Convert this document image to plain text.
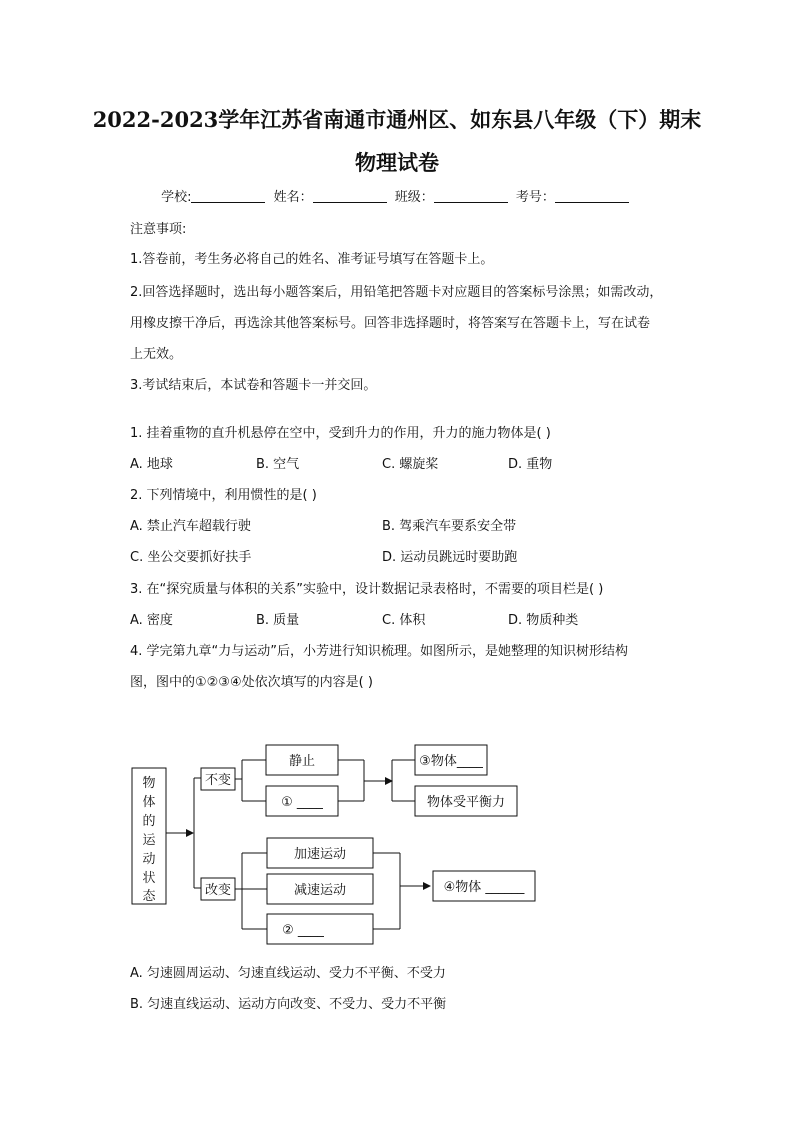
2022-2023学年江苏省南通市通州区、如东县八年级（下）期末
物理试卷
学校:	姓名：	班级：	考号：
注意事项:
1.答卷前，考生务必将自己的姓名、准考证号填写在答题卡上。
2.回答选择题时，选出每小题答案后，用铅笔把答题卡对应题目的答案标号涂黑；如需改动，
用橡皮擦干净后，再选涂其他答案标号。回答非选择题时，将答案写在答题卡上，写在试卷
上无效。
3.考试结束后，本试卷和答题卡一并交回。
1. 挂着重物的直升机悬停在空中，受到升力的作用，升力的施力物体是( )
A. 地球	B. 空气	C. 螺旋桨	D. 重物
2. 下列情境中，利用惯性的是( )
A. 禁止汽车超载行驶	B. 驾乘汽车要系安全带
C. 坐公交要抓好扶手	D. 运动员跳远时要助跑
3. 在“探究质量与体积的关系”实验中，设计数据记录表格时，不需要的项目栏是( )
A. 密度	B. 质量	C. 体积	D. 物质种类
4. 学完第九章“力与运动”后，小芳进行知识梳理。如图所示，是她整理的知识树形结构
图，图中的①②③④处依次填写的内容是( )
物
体
的
运
动
状
态
不变
改变
静止
① ____
③物体____
物体受平衡力
加速运动
减速运动
② ____
④物体 ______
A. 匀速圆周运动、匀速直线运动、受力不平衡、不受力
B. 匀速直线运动、运动方向改变、不受力、受力不平衡
